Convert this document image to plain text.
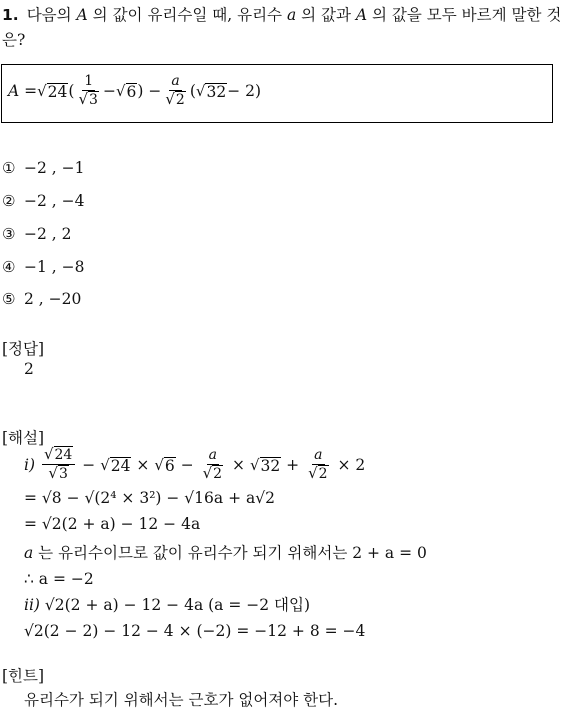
1. 다음의 A 의 값이 유리수일 때, 유리수 a 의 값과 A 의 값을 모두 바르게 말한 것은?
A = √ 24 ( $\frac{1}{√ 3}$ − √ 6 ) − $\frac{a}{√ 2}$ ( √ 32 − 2)
① −2 , −1
② −2 , −4
③ −2 , 2
④ −1 , −8
⑤ 2 , −20
[정답]
2
[해설]
i)
$\frac{√ 24}{√ 3}$ − √ 24 × √ $6 - \frac{a}{√ 2}$ × √ $32 + \frac{a}{√ 2} \times 2$
= √8 − √(2⁴ × 3²) − √16a + a√2
= √2(2 + a) − 12 − 4a
a 는 유리수이므로 값이 유리수가 되기 위해서는 2 + a = 0
∴ a = −2
ii) √2(2 + a) − 12 − 4a (a = −2 대입)
√2(2 − 2) − 12 − 4 × (−2) = −12 + 8 = −4
[힌트]
유리수가 되기 위해서는 근호가 없어져야 한다.
